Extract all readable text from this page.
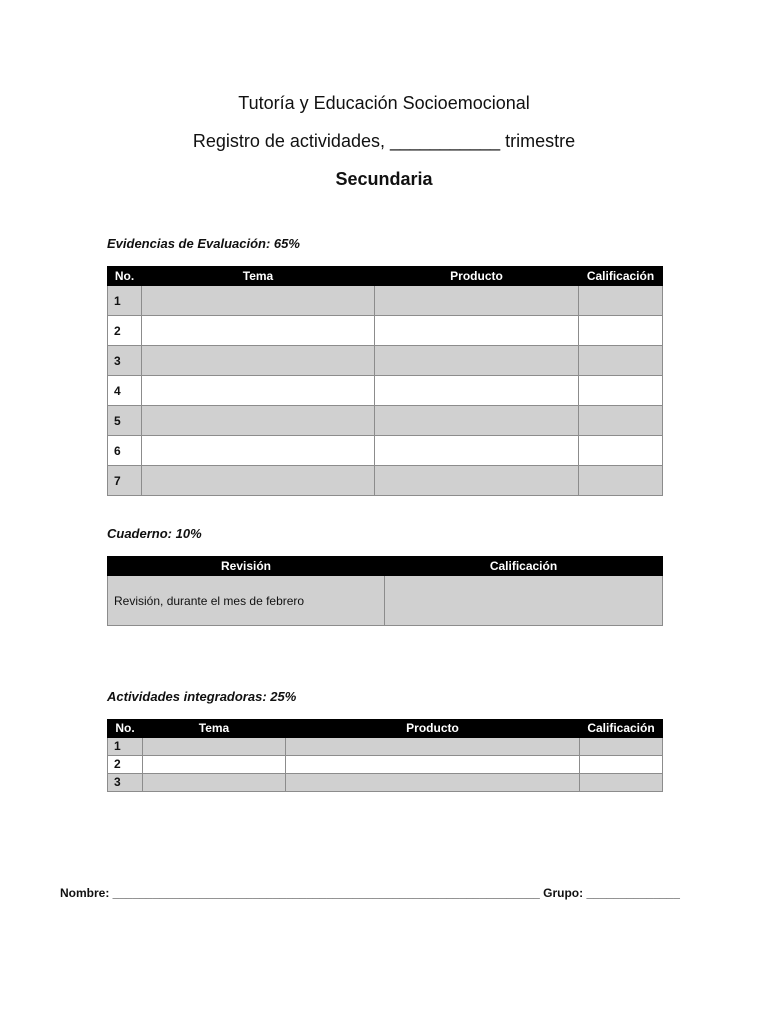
Tutoría y Educación Socioemocional
Registro de actividades, ___________ trimestre
Secundaria
Evidencias de Evaluación: 65%
No.	Tema	Producto	Calificación
1			
2			
3			
4			
5			
6			
7			
Cuaderno: 10%
Revisión	Calificación
Revisión, durante el mes de febrero	
Actividades integradoras: 25%
No.	Tema	Producto	Calificación
1			
2			
3			
Nombre: ________________________________________________________________ Grupo: ______________
